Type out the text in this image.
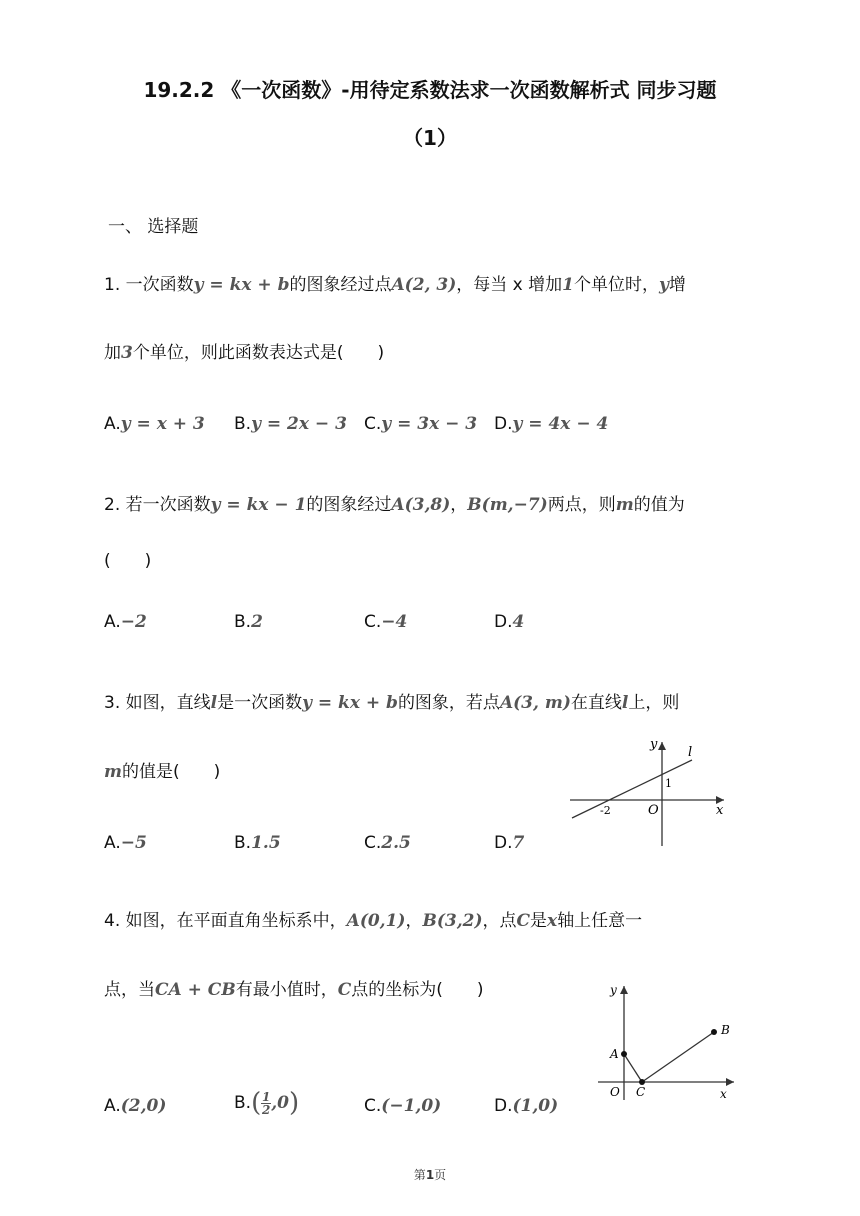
19.2.2 《一次函数》-用待定系数法求一次函数解析式 同步习题
（1）
一、 选择题
1. 一次函数y = kx + b的图象经过点A(2, 3)，每当 x 增加1个单位时，y增
加3个单位，则此函数表达式是(　　)
A.y = x + 3 B.y = 2x − 3 C.y = 3x − 3 D.y = 4x − 4
2. 若一次函数y = kx − 1的图象经过A(3,8)，B(m,−7)两点，则m的值为
(　　)
A.−2	B.2	C.−4	D.4
3. 如图，直线l是一次函数y = kx + b的图象，若点A(3, m)在直线l上，则
m的值是(　　)
A.−5	B.1.5	C.2.5	D.7
y
l
1
-2	O	x
4. 如图，在平面直角坐标系中，A(0,1)，B(3,2)，点C是x轴上任意一
点，当CA + CB有最小值时，C点的坐标为(　　)
A.(2,0)	$B.( \frac{1}{2} ,0)$	C.(−1,0)	D.(1,0)
y
A
B
O C	x
第1页
